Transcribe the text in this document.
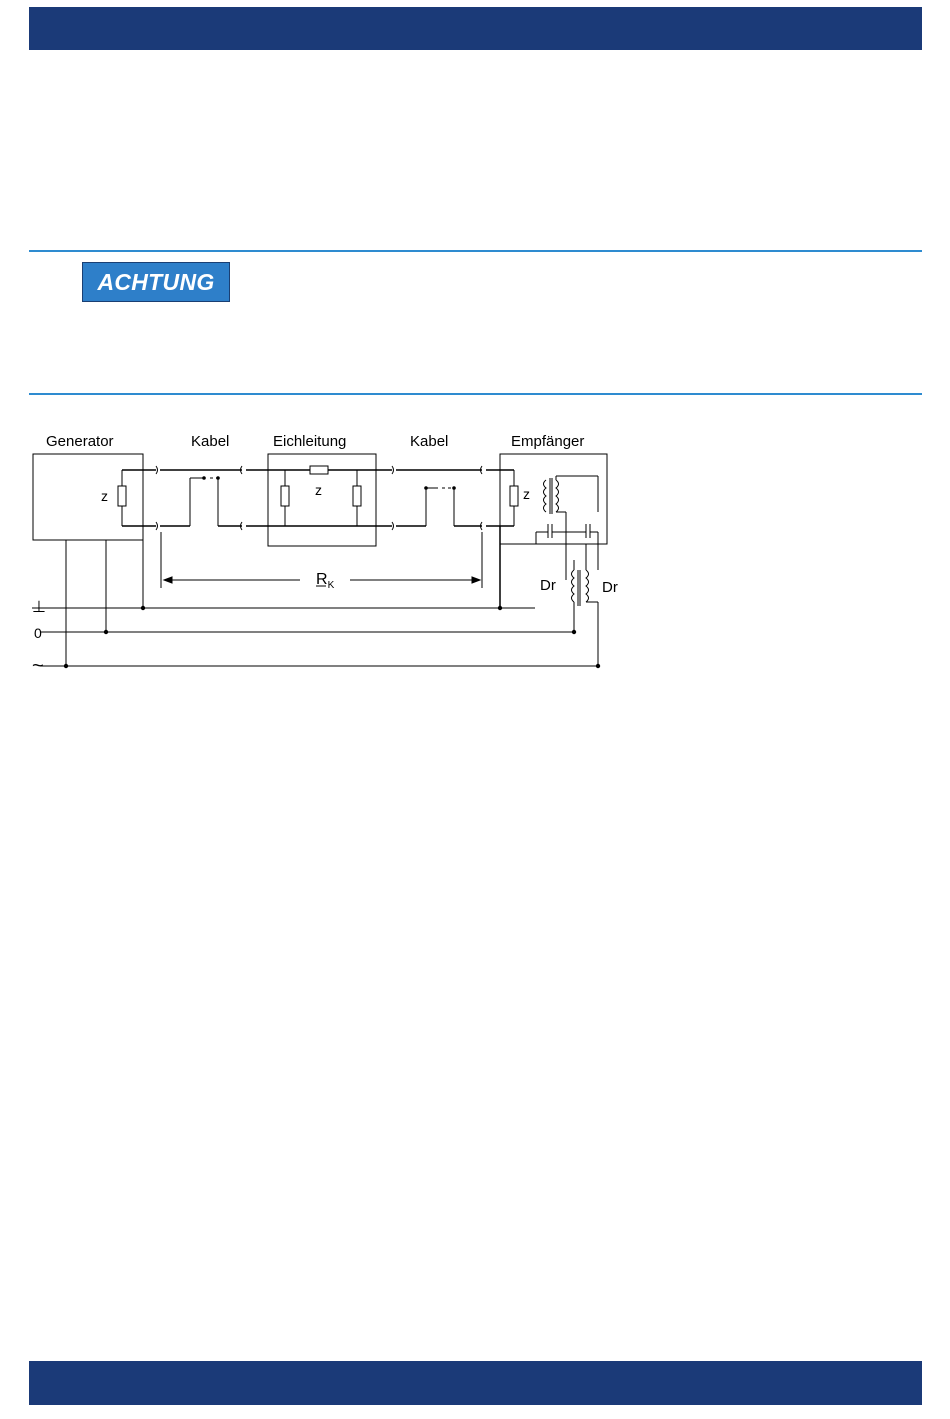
ACHTUNG
Generator	Kabel	Eichleitung	Kabel	Empfänger
z	z	z
$R_K$	Dr	Dr
⊥
0
~
